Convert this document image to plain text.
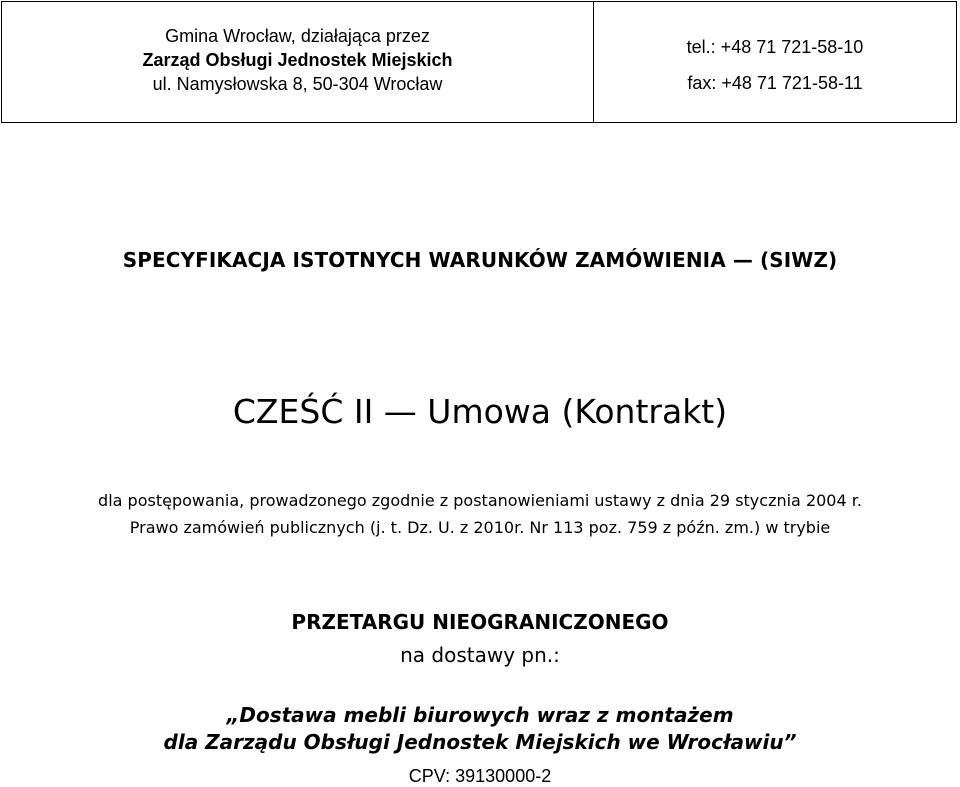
Gmina Wrocław, działająca przez
Zarząd Obsługi Jednostek Miejskich
ul. Namysłowska 8, 50-304 Wrocław
tel.: +48 71 721-58-10
fax: +48 71 721-58-11
SPECYFIKACJA ISTOTNYCH WARUNKÓW ZAMÓWIENIA — (SIWZ)
CZEŚĆ II — Umowa (Kontrakt)
dla postępowania, prowadzonego zgodnie z postanowieniami ustawy z dnia 29 stycznia 2004 r.
Prawo zamówień publicznych (j. t. Dz. U. z 2010r. Nr 113 poz. 759 z późn. zm.) w trybie
PRZETARGU NIEOGRANICZONEGO
na dostawy pn.:
„Dostawa mebli biurowych wraz z montażem
dla Zarządu Obsługi Jednostek Miejskich we Wrocławiu”
CPV: 39130000-2
